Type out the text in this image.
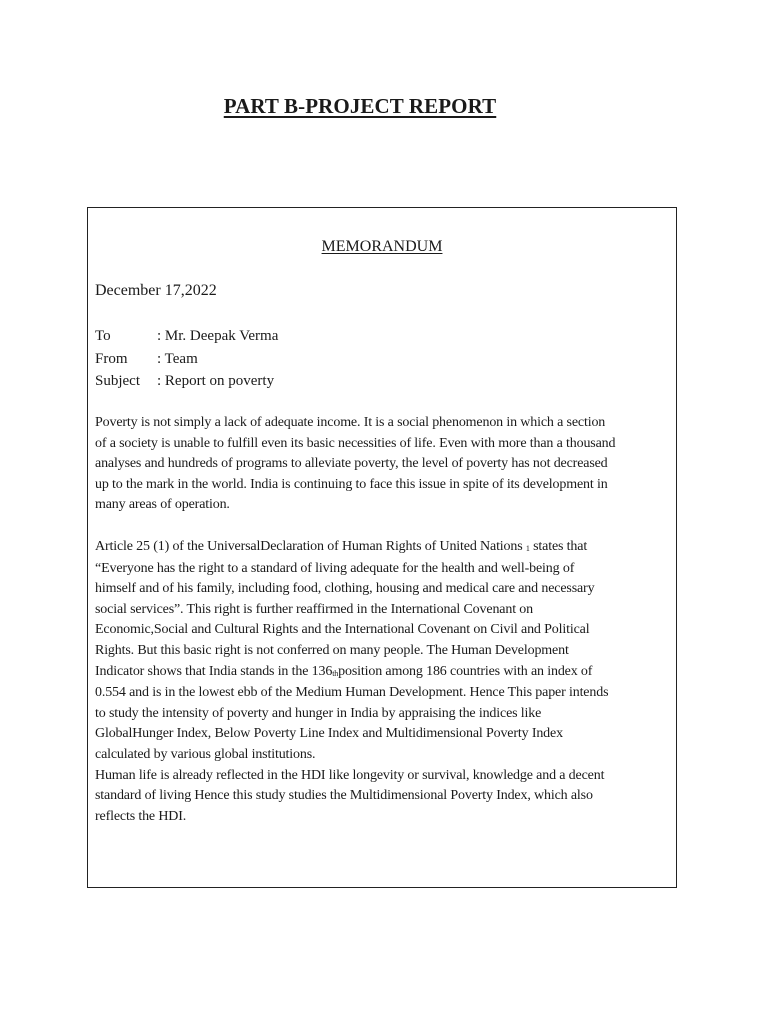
PART B-PROJECT REPORT
MEMORANDUM
December 17,2022
To	: Mr. Deepak Verma
From	: Team
Subject	: Report on poverty

Poverty is not simply a lack of adequate income. It is a social phenomenon in which a section

of a society is unable to fulfill even its basic necessities of life. Even with more than a thousand

analyses and hundreds of programs to alleviate poverty, the level of poverty has not decreased

up to the mark in the world. India is continuing to face this issue in spite of its development in

many areas of operation.

Article 25 (1) of the UniversalDeclaration of Human Rights of United Nations $_1$ states that

“Everyone has the right to a standard of living adequate for the health and well-being of

himself and of his family, including food, clothing, housing and medical care and necessary

social services”. This right is further reaffirmed in the International Covenant on

Economic,Social and Cultural Rights and the International Covenant on Civil and Political

Rights. But this basic right is not conferred on many people. The Human Development

Indicator shows that India stands in the $136_{th}position$ among 186 countries with an index of

0.554 and is in the lowest ebb of the Medium Human Development. Hence This paper intends

to study the intensity of poverty and hunger in India by appraising the indices like

GlobalHunger Index, Below Poverty Line Index and Multidimensional Poverty Index

calculated by various global institutions.

Human life is already reflected in the HDI like longevity or survival, knowledge and a decent

standard of living Hence this study studies the Multidimensional Poverty Index, which also

reflects the HDI.
